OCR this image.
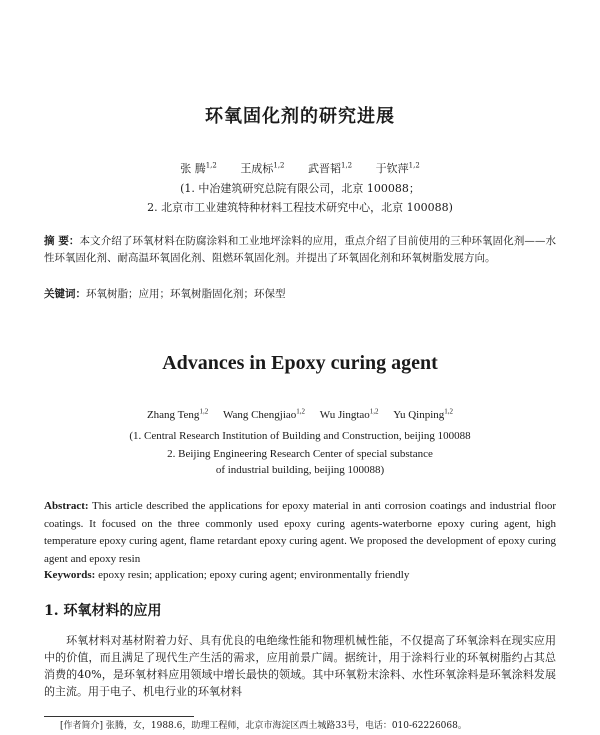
环氧固化剂的研究进展
张 腾$^{1,2}$ 王成标$^{1,2}$ 武晋韬$^{1,2}$ 于钦萍$^{1,2}$
(1. 中冶建筑研究总院有限公司，北京 100088；
2. 北京市工业建筑特种材料工程技术研究中心，北京 100088)
摘 要：本文介绍了环氧材料在防腐涂料和工业地坪涂料的应用，重点介绍了目前使用的三种环氧固化剂——水性环氧固化剂、耐高温环氧固化剂、阻燃环氧固化剂。并提出了环氧固化剂和环氧树脂发展方向。
关键词：环氧树脂；应用；环氧树脂固化剂；环保型
Advances in Epoxy curing agent
Zhang Teng$^{1,2}$ Wang Chengjiao$^{1,2}$ Wu Jingtao$^{1,2}$ Yu Qinping$^{1,2}$
(1. Central Research Institution of Building and Construction, beijing 100088
2. Beijing Engineering Research Center of special substance
of industrial building, beijing 100088)
Abstract: This article described the applications for epoxy material in anti corrosion coatings and industrial floor coatings. It focused on the three commonly used epoxy curing agents-waterborne epoxy curing agent, high temperature epoxy curing agent, flame retardant epoxy curing agent. We proposed the development of epoxy curing agent and epoxy resin
Keywords: epoxy resin; application; epoxy curing agent; environmentally friendly
1. 环氧材料的应用
环氧材料对基材附着力好、具有优良的电绝缘性能和物理机械性能，不仅提高了环氧涂料在现实应用中的价值，而且满足了现代生产生活的需求，应用前景广阔。据统计，用于涂料行业的环氧树脂约占其总消费的40%，是环氧材料应用领域中增长最快的领域。其中环氧粉末涂料、水性环氧涂料是环氧涂料发展的主流。用于电子、机电行业的环氧材料
[作者简介] 张腾，女，1988.6，助理工程师，北京市海淀区西土城路33号，电话：010-62226068。
